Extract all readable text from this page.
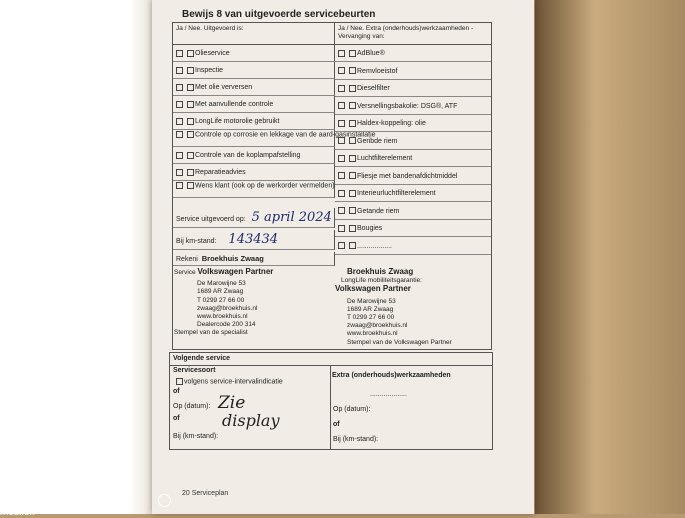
Bewijs 8 van uitgevoerde servicebeurten
Ja / Nee. Uitgevoerd is:	Ja / Nee. Extra (onderhouds)werkzaamheden - Vervanging van:
Olieservice
Inspectie
Met olie verversen
Met aanvullende controle
LongLife motorolie gebruikt
Controle op corrosie en lekkage van de aard-gasinstallatie
Controle van de koplampafstelling
Reparatieadvies
Wens klant (ook op de werkorder vermelden)
AdBlue®
Remvloeistof
Dieselfilter
Versnellingsbakolie: DSG®, ATF
Haldex-koppeling: olie
Geribde riem
Luchtfilterelement
Fliesje met bandenafdichtmiddel
Interieurluchtfilterelement
Getande riem
Bougies
..................
Service uitgevoerd op: 5 april 2024
Bij km-stand: 143434
Rekeni Broekhuis Zwaag
Service Volkswagen Partner
De Marowijne 53
1689 AR Zwaag
T 0299 27 66 00
zwaag@broekhuis.nl
www.broekhuis.nl
Dealercode 200 314
Stempel van de specialist
Broekhuis Zwaag
LongLife mobiliteitsgarantie:
Volkswagen Partner
De Marowijne 53
1689 AR Zwaag
T 0299 27 66 00
zwaag@broekhuis.nl
www.broekhuis.nl
Stempel van de Volkswagen Partner
Volgende service
Servicesoort
Extra (onderhouds)werkzaamheden
volgens service-intervalindicatie
of
Op (datum): Zie
of	display
Bij (km-stand):
...................
Op (datum):
of
Bij (km-stand):
20 Serviceplan
mobilox
